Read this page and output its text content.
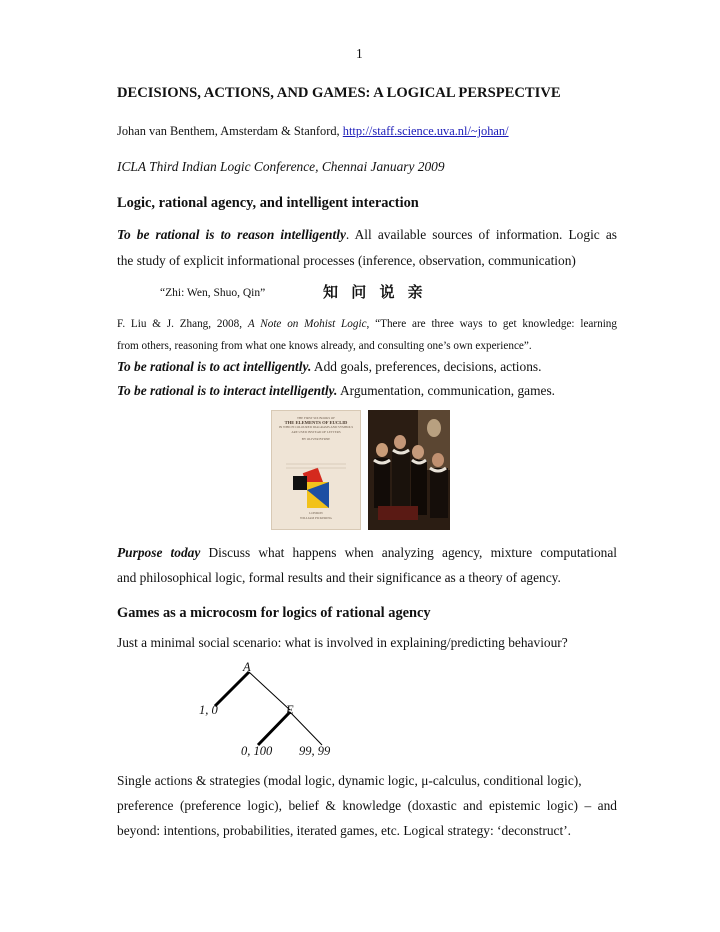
1
DECISIONS, ACTIONS, AND GAMES: A LOGICAL PERSPECTIVE
Johan van Benthem, Amsterdam & Stanford, http://staff.science.uva.nl/~johan/
ICLA Third Indian Logic Conference, Chennai January 2009
Logic, rational agency, and intelligent interaction
To be rational is to reason intelligently. All available sources of information. Logic as
the study of explicit informational processes (inference, observation, communication)
“Zhi: Wen, Shuo, Qin”	知 问 说 亲
F. Liu & J. Zhang, 2008, A Note on Mohist Logic, “There are three ways to get knowledge: learning
from others, reasoning from what one knows already, and consulting one’s own experience”.
To be rational is to act intelligently. Add goals, preferences, decisions, actions.
To be rational is to interact intelligently. Argumentation, communication, games.
THE FIRST SIX BOOKS OF
THE ELEMENTS OF EUCLID
IN WHICH COLOURED DIAGRAMS AND SYMBOLS
ARE USED INSTEAD OF LETTERS
BY OLIVER BYRNE
LONDON
WILLIAM PICKERING
Purpose today Discuss what happens when analyzing agency, mixture computational
and philosophical logic, formal results and their significance as a theory of agency.
Games as a microcosm for logics of rational agency
Just a minimal social scenario: what is involved in explaining/predicting behaviour?
A
E
1, 0
0, 100 99, 99
Single actions & strategies (modal logic, dynamic logic, μ-calculus, conditional logic),
preference (preference logic), belief & knowledge (doxastic and epistemic logic) – and
beyond: intentions, probabilities, iterated games, etc. Logical strategy: ‘deconstruct’.
